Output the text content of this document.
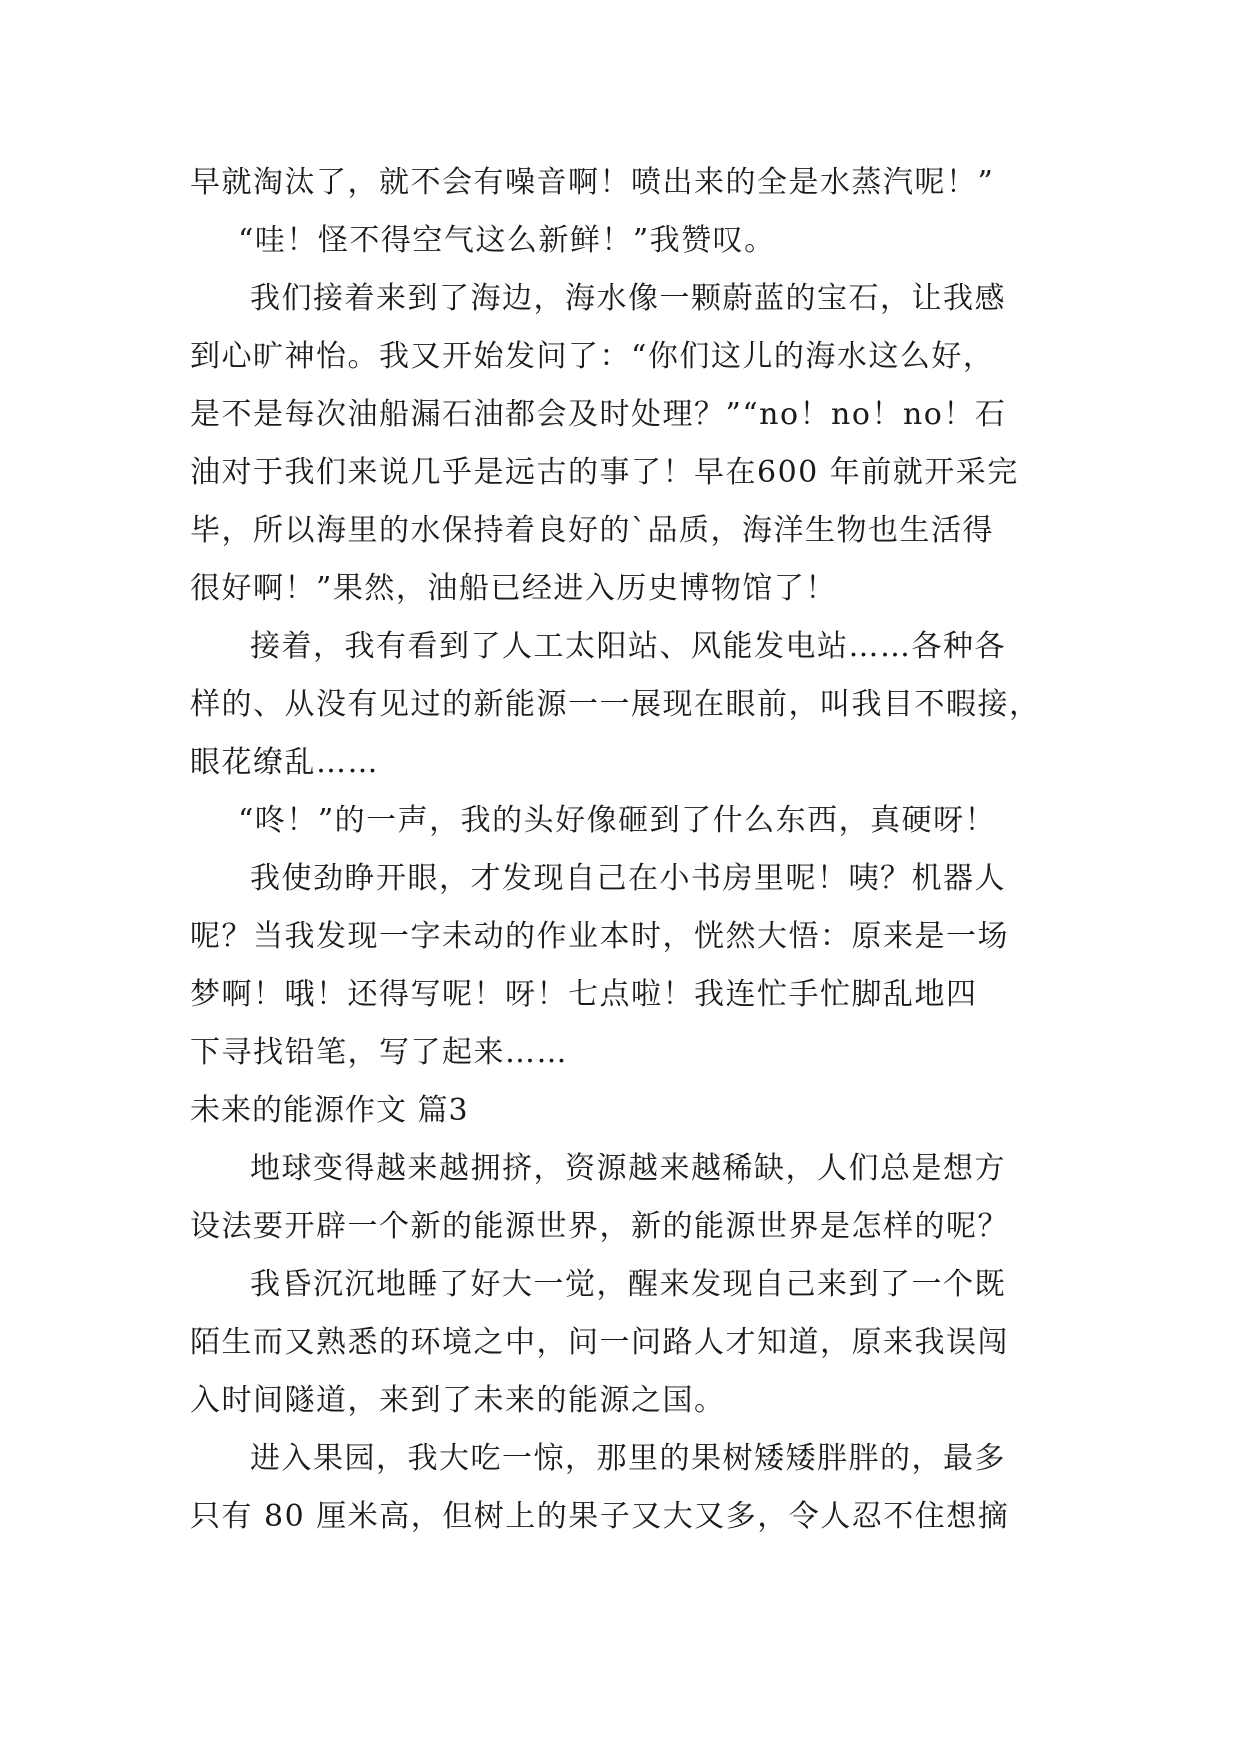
早就淘汰了，就不会有噪音啊！喷出来的全是水蒸汽呢！”
“哇！怪不得空气这么新鲜！”我赞叹。
我们接着来到了海边，海水像一颗蔚蓝的宝石，让我感
到心旷神怡。我又开始发问了：“你们这儿的海水这么好，
是不是每次油船漏石油都会及时处理？”“no！no！no！石
油对于我们来说几乎是远古的事了！早在600 年前就开采完
毕，所以海里的水保持着良好的`品质，海洋生物也生活得
很好啊！”果然，油船已经进入历史博物馆了！
接着，我有看到了人工太阳站、风能发电站……各种各
样的、从没有见过的新能源一一展现在眼前，叫我目不暇接，
眼花缭乱……
“咚！”的一声，我的头好像砸到了什么东西，真硬呀！
我使劲睁开眼，才发现自己在小书房里呢！咦？机器人
呢？当我发现一字未动的作业本时，恍然大悟：原来是一场
梦啊！哦！还得写呢！呀！七点啦！我连忙手忙脚乱地四
下寻找铅笔，写了起来……
未来的能源作文 篇3
地球变得越来越拥挤，资源越来越稀缺，人们总是想方
设法要开辟一个新的能源世界，新的能源世界是怎样的呢？
我昏沉沉地睡了好大一觉，醒来发现自己来到了一个既
陌生而又熟悉的环境之中，问一问路人才知道，原来我误闯
入时间隧道，来到了未来的能源之国。
进入果园，我大吃一惊，那里的果树矮矮胖胖的，最多
只有 80 厘米高，但树上的果子又大又多，令人忍不住想摘
